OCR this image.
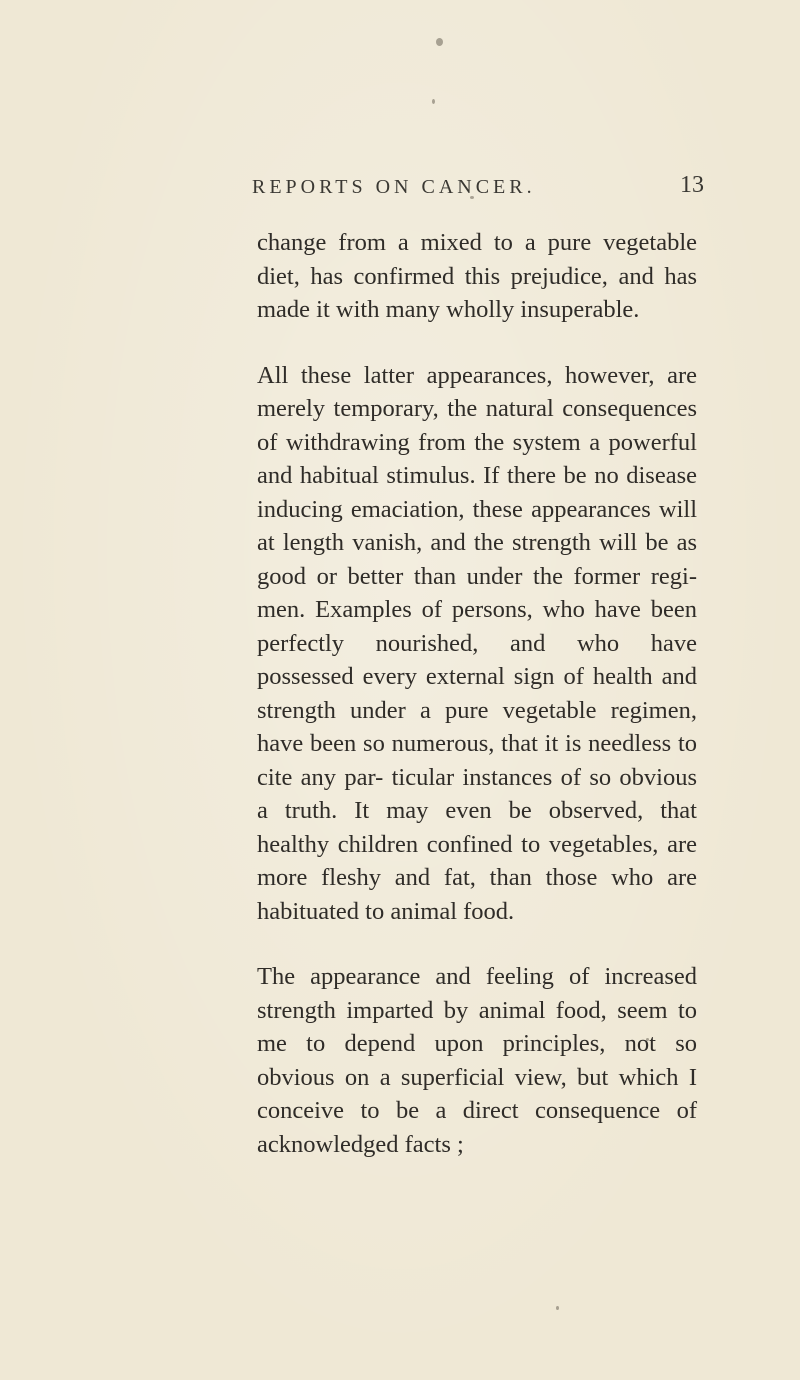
REPORTS ON CANCER.	13

change from a mixed to a pure vegetable diet, has confirmed this prejudice, and has made it with many wholly insuperable.

All these latter appearances, however, are merely temporary, the natural consequences of withdrawing from the system a powerful and habitual stimulus. If there be no disease inducing emaciation, these appearances will at length vanish, and the strength will be as good or better than under the former regi- men. Examples of persons, who have been perfectly nourished, and who have possessed every external sign of health and strength under a pure vegetable regimen, have been so numerous, that it is needless to cite any par- ticular instances of so obvious a truth. It may even be observed, that healthy children confined to vegetables, are more fleshy and fat, than those who are habituated to animal food.

The appearance and feeling of increased strength imparted by animal food, seem to me to depend upon principles, not so obvious on a superficial view, but which I conceive to be a direct consequence of acknowledged facts ;
